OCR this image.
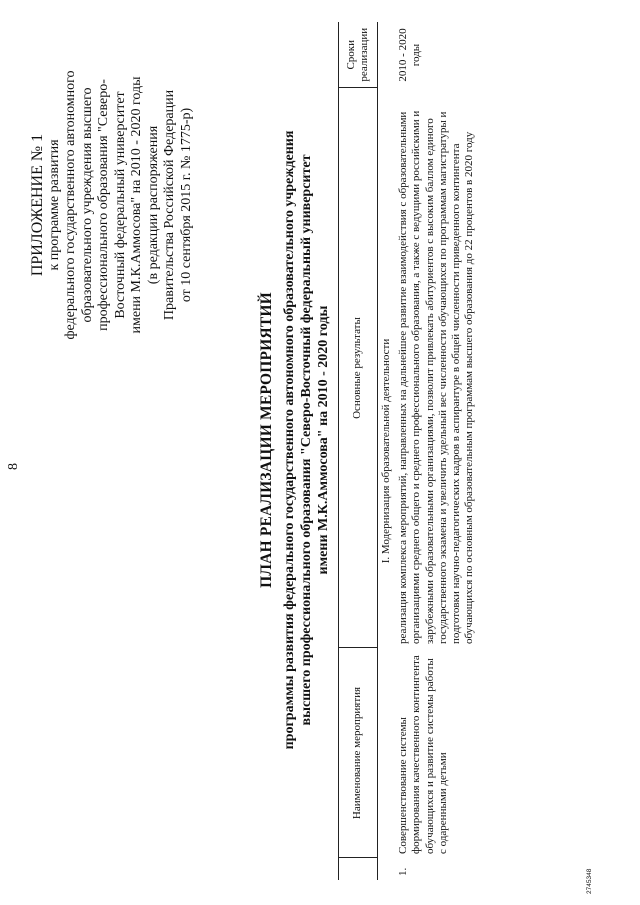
8
ПРИЛОЖЕНИЕ № 1 к программе развития федерального государственного автономного образовательного учреждения высшего профессионального образования "Северо- Восточный федеральный университет имени М.К.Аммосова" на 2010 - 2020 годы (в редакции распоряжения Правительства Российской Федерации от 10 сентября 2015 г. № 1775-р)
ПЛАН РЕАЛИЗАЦИИ МЕРОПРИЯТИЙ программы развития федерального государственного автономного образовательного учреждения высшего профессионального образования "Северо-Восточный федеральный университет имени М.К.Аммосова" на 2010 - 2020 годы
	Наименование мероприятия	Основные результаты	Сроки реализации
I. Модернизация образовательной деятельности			
1.	Совершенствование системы формирования качественного контингента обучающихся и развитие системы работы с одаренными детьми	реализация комплекса мероприятий, направленных на дальнейшее развитие взаимодействия с образовательными организациями среднего общего и среднего профессионального образования, а также с ведущими российскими и зарубежными образовательными организациями, позволит привлекать абитуриентов с высоким баллом единого государственного экзамена и увеличить удельный вес численности обучающихся по программам магистратуры и подготовки научно-педагогических кадров в аспирантуре в общей численности приведенного контингента обучающихся по основным образовательным программам высшего образования до 22 процентов в 2020 году	2010 - 2020 годы
2745348
